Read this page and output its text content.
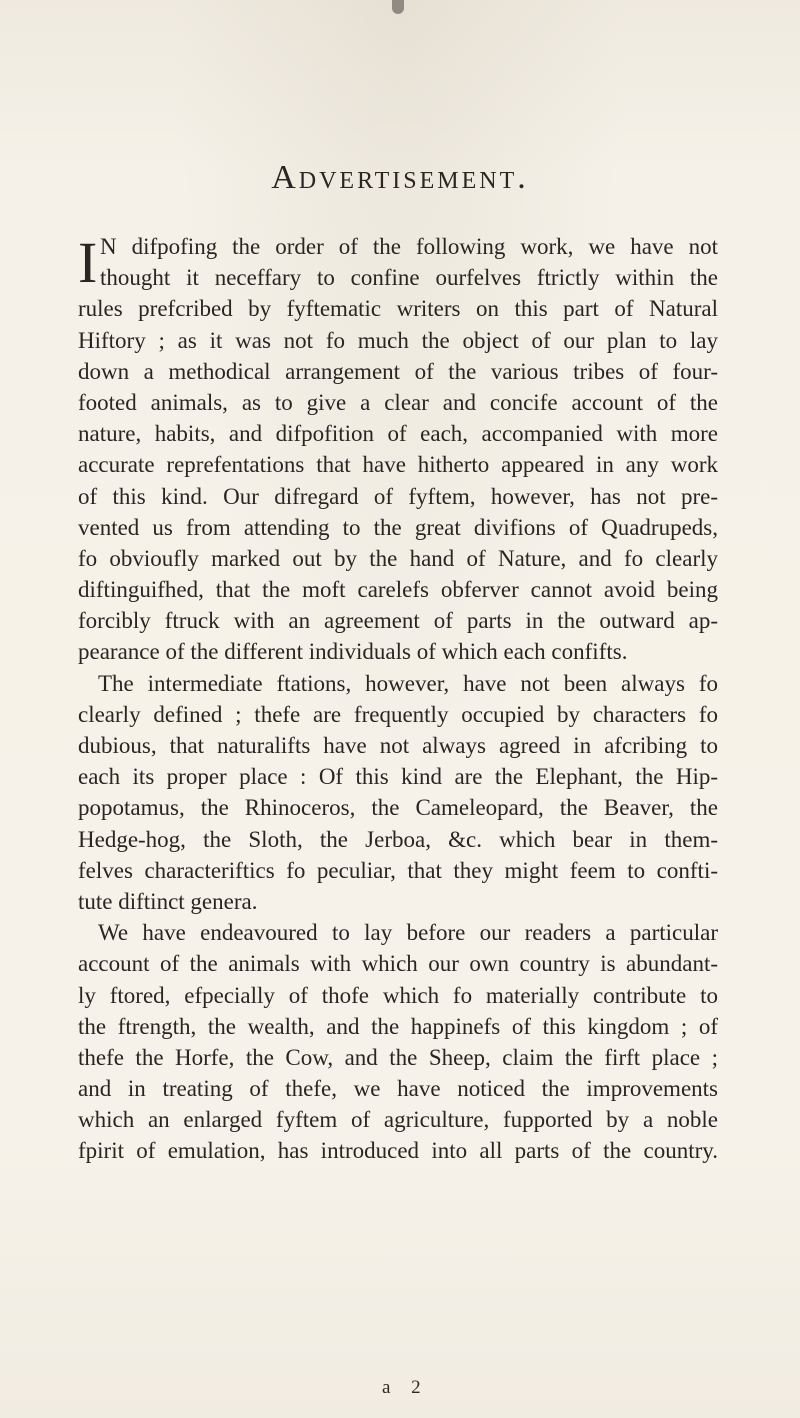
Advertisement.
I N difpofing the order of the following work, we have not
thought it neceffary to confine ourfelves ftrictly within the
rules prefcribed by fyftematic writers on this part of Natural
Hiftory ; as it was not fo much the object of our plan to lay
down a methodical arrangement of the various tribes of four-
footed animals, as to give a clear and concife account of the
nature, habits, and difpofition of each, accompanied with more
accurate reprefentations that have hitherto appeared in any work
of this kind. Our difregard of fyftem, however, has not pre-
vented us from attending to the great divifions of Quadrupeds,
fo obvioufly marked out by the hand of Nature, and fo clearly
diftinguifhed, that the moft carelefs obferver cannot avoid being
forcibly ftruck with an agreement of parts in the outward ap-
pearance of the different individuals of which each confifts.
The intermediate ftations, however, have not been always fo
clearly defined ; thefe are frequently occupied by characters fo
dubious, that naturalifts have not always agreed in afcribing to
each its proper place : Of this kind are the Elephant, the Hip-
popotamus, the Rhinoceros, the Cameleopard, the Beaver, the
Hedge-hog, the Sloth, the Jerboa, &c. which bear in them-
felves characteriftics fo peculiar, that they might feem to confti-
tute diftinct genera.
We have endeavoured to lay before our readers a particular
account of the animals with which our own country is abundant-
ly ftored, efpecially of thofe which fo materially contribute to
the ftrength, the wealth, and the happinefs of this kingdom ; of
thefe the Horfe, the Cow, and the Sheep, claim the firft place ;
and in treating of thefe, we have noticed the improvements
which an enlarged fyftem of agriculture, fupported by a noble
fpirit of emulation, has introduced into all parts of the country.
a 2
